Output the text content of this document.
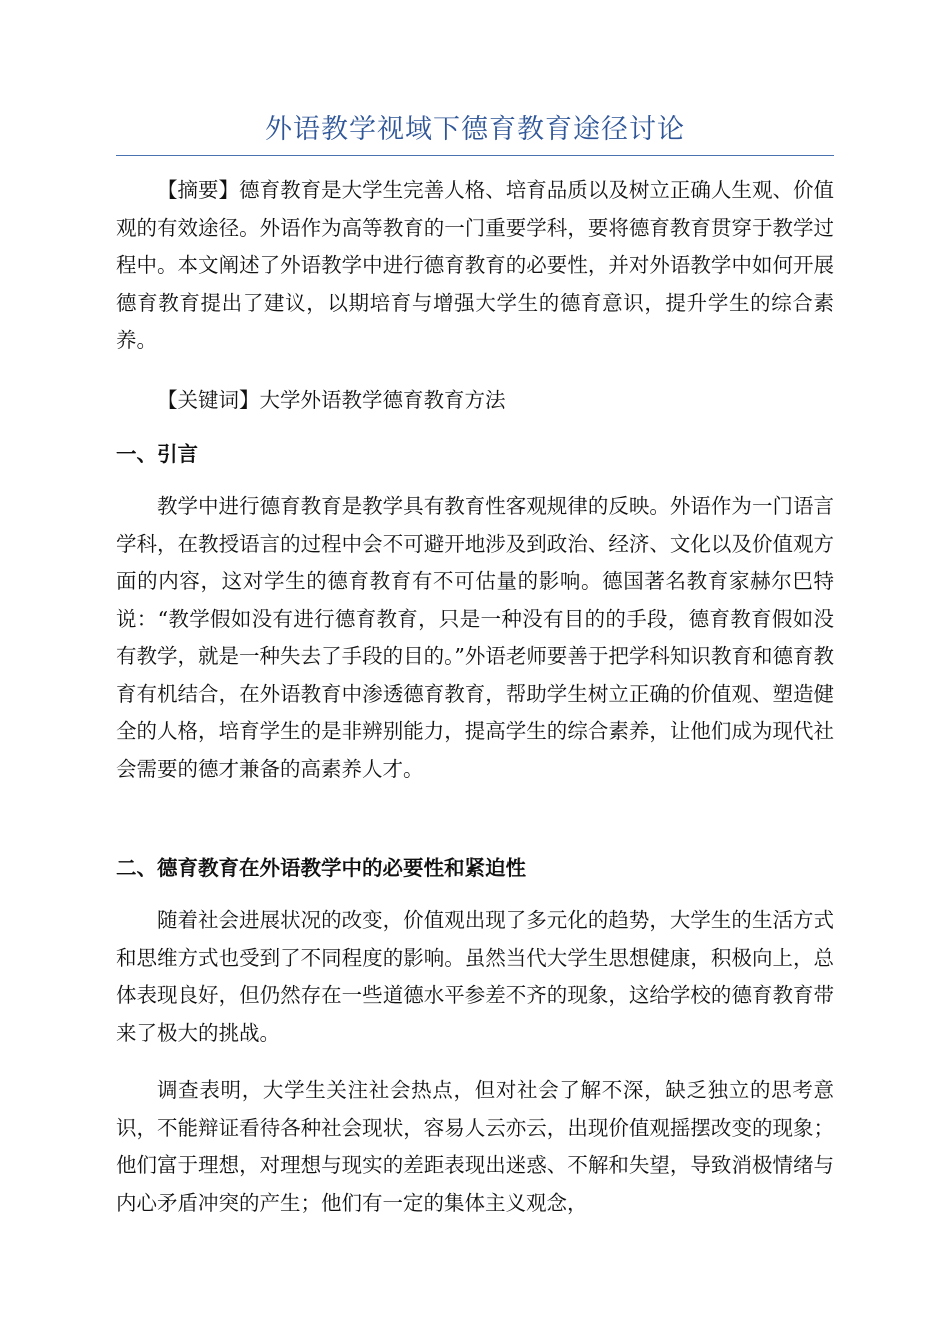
外语教学视域下德育教育途径讨论

【摘要】德育教育是大学生完善人格、培育品质以及树立正确人生观、价值观的有效途径。外语作为高等教育的一门重要学科，要将德育教育贯穿于教学过程中。本文阐述了外语教学中进行德育教育的必要性，并对外语教学中如何开展德育教育提出了建议，以期培育与增强大学生的德育意识，提升学生的综合素养。

【关键词】大学外语教学德育教育方法

一、引言

教学中进行德育教育是教学具有教育性客观规律的反映。外语作为一门语言学科，在教授语言的过程中会不可避开地涉及到政治、经济、文化以及价值观方面的内容，这对学生的德育教育有不可估量的影响。德国著名教育家赫尔巴特说：“教学假如没有进行德育教育，只是一种没有目的的手段，德育教育假如没有教学，就是一种失去了手段的目的。”外语老师要善于把学科知识教育和德育教育有机结合，在外语教育中渗透德育教育，帮助学生树立正确的价值观、塑造健全的人格，培育学生的是非辨别能力，提高学生的综合素养，让他们成为现代社会需要的德才兼备的高素养人才。

二、德育教育在外语教学中的必要性和紧迫性

随着社会进展状况的改变，价值观出现了多元化的趋势，大学生的生活方式和思维方式也受到了不同程度的影响。虽然当代大学生思想健康，积极向上，总体表现良好，但仍然存在一些道德水平参差不齐的现象，这给学校的德育教育带来了极大的挑战。

调查表明，大学生关注社会热点，但对社会了解不深，缺乏独立的思考意识，不能辩证看待各种社会现状，容易人云亦云，出现价值观摇摆改变的现象；他们富于理想，对理想与现实的差距表现出迷惑、不解和失望，导致消极情绪与内心矛盾冲突的产生；他们有一定的集体主义观念，
